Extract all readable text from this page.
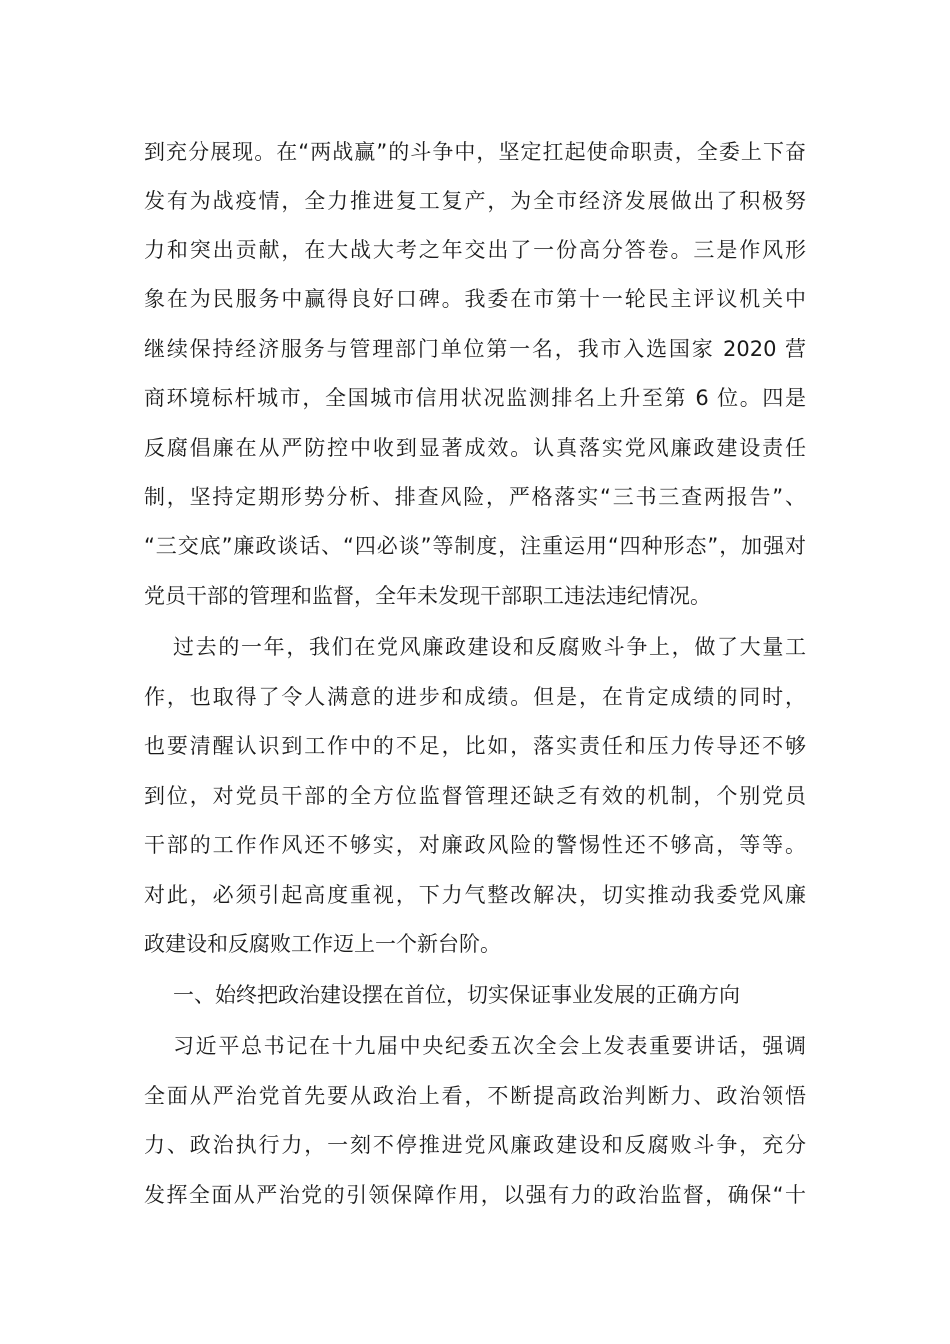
到充分展现。在“两战赢”的斗争中，坚定扛起使命职责，全委上下奋
发有为战疫情，全力推进复工复产，为全市经济发展做出了积极努
力和突出贡献，在大战大考之年交出了一份高分答卷。三是作风形
象在为民服务中赢得良好口碑。我委在市第十一轮民主评议机关中
继续保持经济服务与管理部门单位第一名，我市入选国家 2020 营
商环境标杆城市，全国城市信用状况监测排名上升至第 6 位。四是
反腐倡廉在从严防控中收到显著成效。认真落实党风廉政建设责任
制，坚持定期形势分析、排查风险，严格落实“三书三查两报告”、
“三交底”廉政谈话、“四必谈”等制度，注重运用“四种形态”，加强对
党员干部的管理和监督，全年未发现干部职工违法违纪情况。
过去的一年，我们在党风廉政建设和反腐败斗争上，做了大量工
作，也取得了令人满意的进步和成绩。但是，在肯定成绩的同时，
也要清醒认识到工作中的不足，比如，落实责任和压力传导还不够
到位，对党员干部的全方位监督管理还缺乏有效的机制，个别党员
干部的工作作风还不够实，对廉政风险的警惕性还不够高，等等。
对此，必须引起高度重视，下力气整改解决，切实推动我委党风廉
政建设和反腐败工作迈上一个新台阶。
一、始终把政治建设摆在首位，切实保证事业发展的正确方向
习近平总书记在十九届中央纪委五次全会上发表重要讲话，强调
全面从严治党首先要从政治上看，不断提高政治判断力、政治领悟
力、政治执行力，一刻不停推进党风廉政建设和反腐败斗争，充分
发挥全面从严治党的引领保障作用，以强有力的政治监督，确保“十
